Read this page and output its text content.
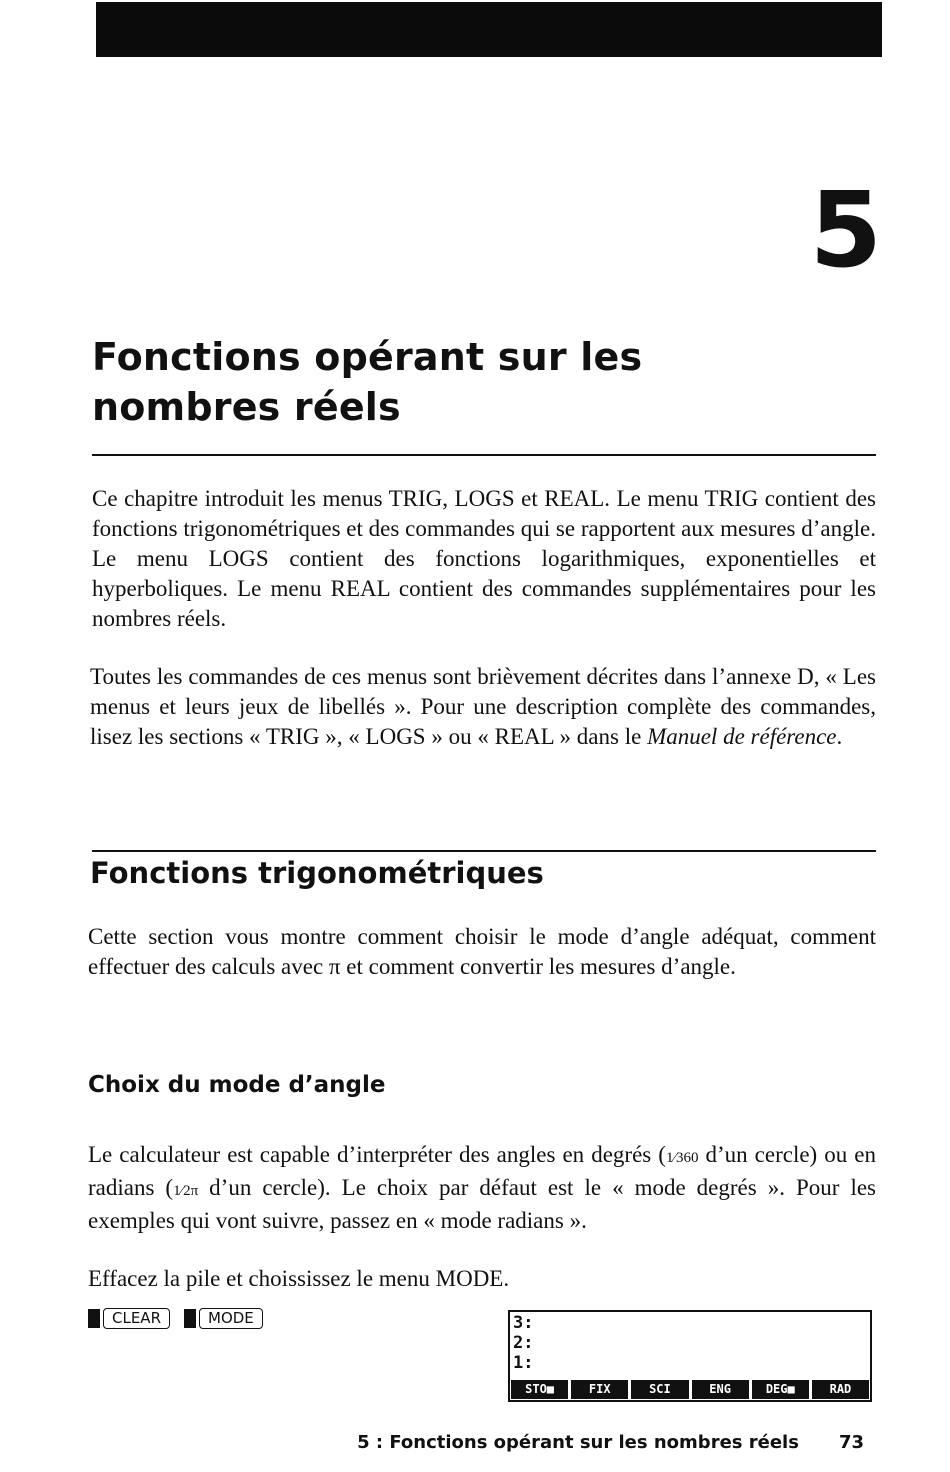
5
Fonctions opérant sur les nombres réels

Ce chapitre introduit les menus TRIG, LOGS et REAL. Le menu TRIG contient des fonctions trigonométriques et des commandes qui se rapportent aux mesures d’angle. Le menu LOGS contient des fonctions logarithmiques, exponentielles et hyperboliques. Le menu REAL contient des commandes supplémentaires pour les nombres réels.

Toutes les commandes de ces menus sont brièvement décrites dans l’annexe D, « Les menus et leurs jeux de libellés ». Pour une description complète des commandes, lisez les sections « TRIG », « LOGS » ou « REAL » dans le Manuel de référence.

Fonctions trigonométriques

Cette section vous montre comment choisir le mode d’angle adéquat, comment effectuer des calculs avec π et comment convertir les mesures d’angle.

Choix du mode d’angle

Le calculateur est capable d’interpréter des angles en degrés (1⁄360 d’un cercle) ou en radians (1⁄2π d’un cercle). Le choix par défaut est le « mode degrés ». Pour les exemples qui vont suivre, passez en « mode radians ».

Effacez la pile et choississez le menu MODE.

CLEAR	MODE	3:
2:
1:
STO■	FIX	SCI	ENG	DEG■	RAD
5 : Fonctions opérant sur les nombres réels 73
